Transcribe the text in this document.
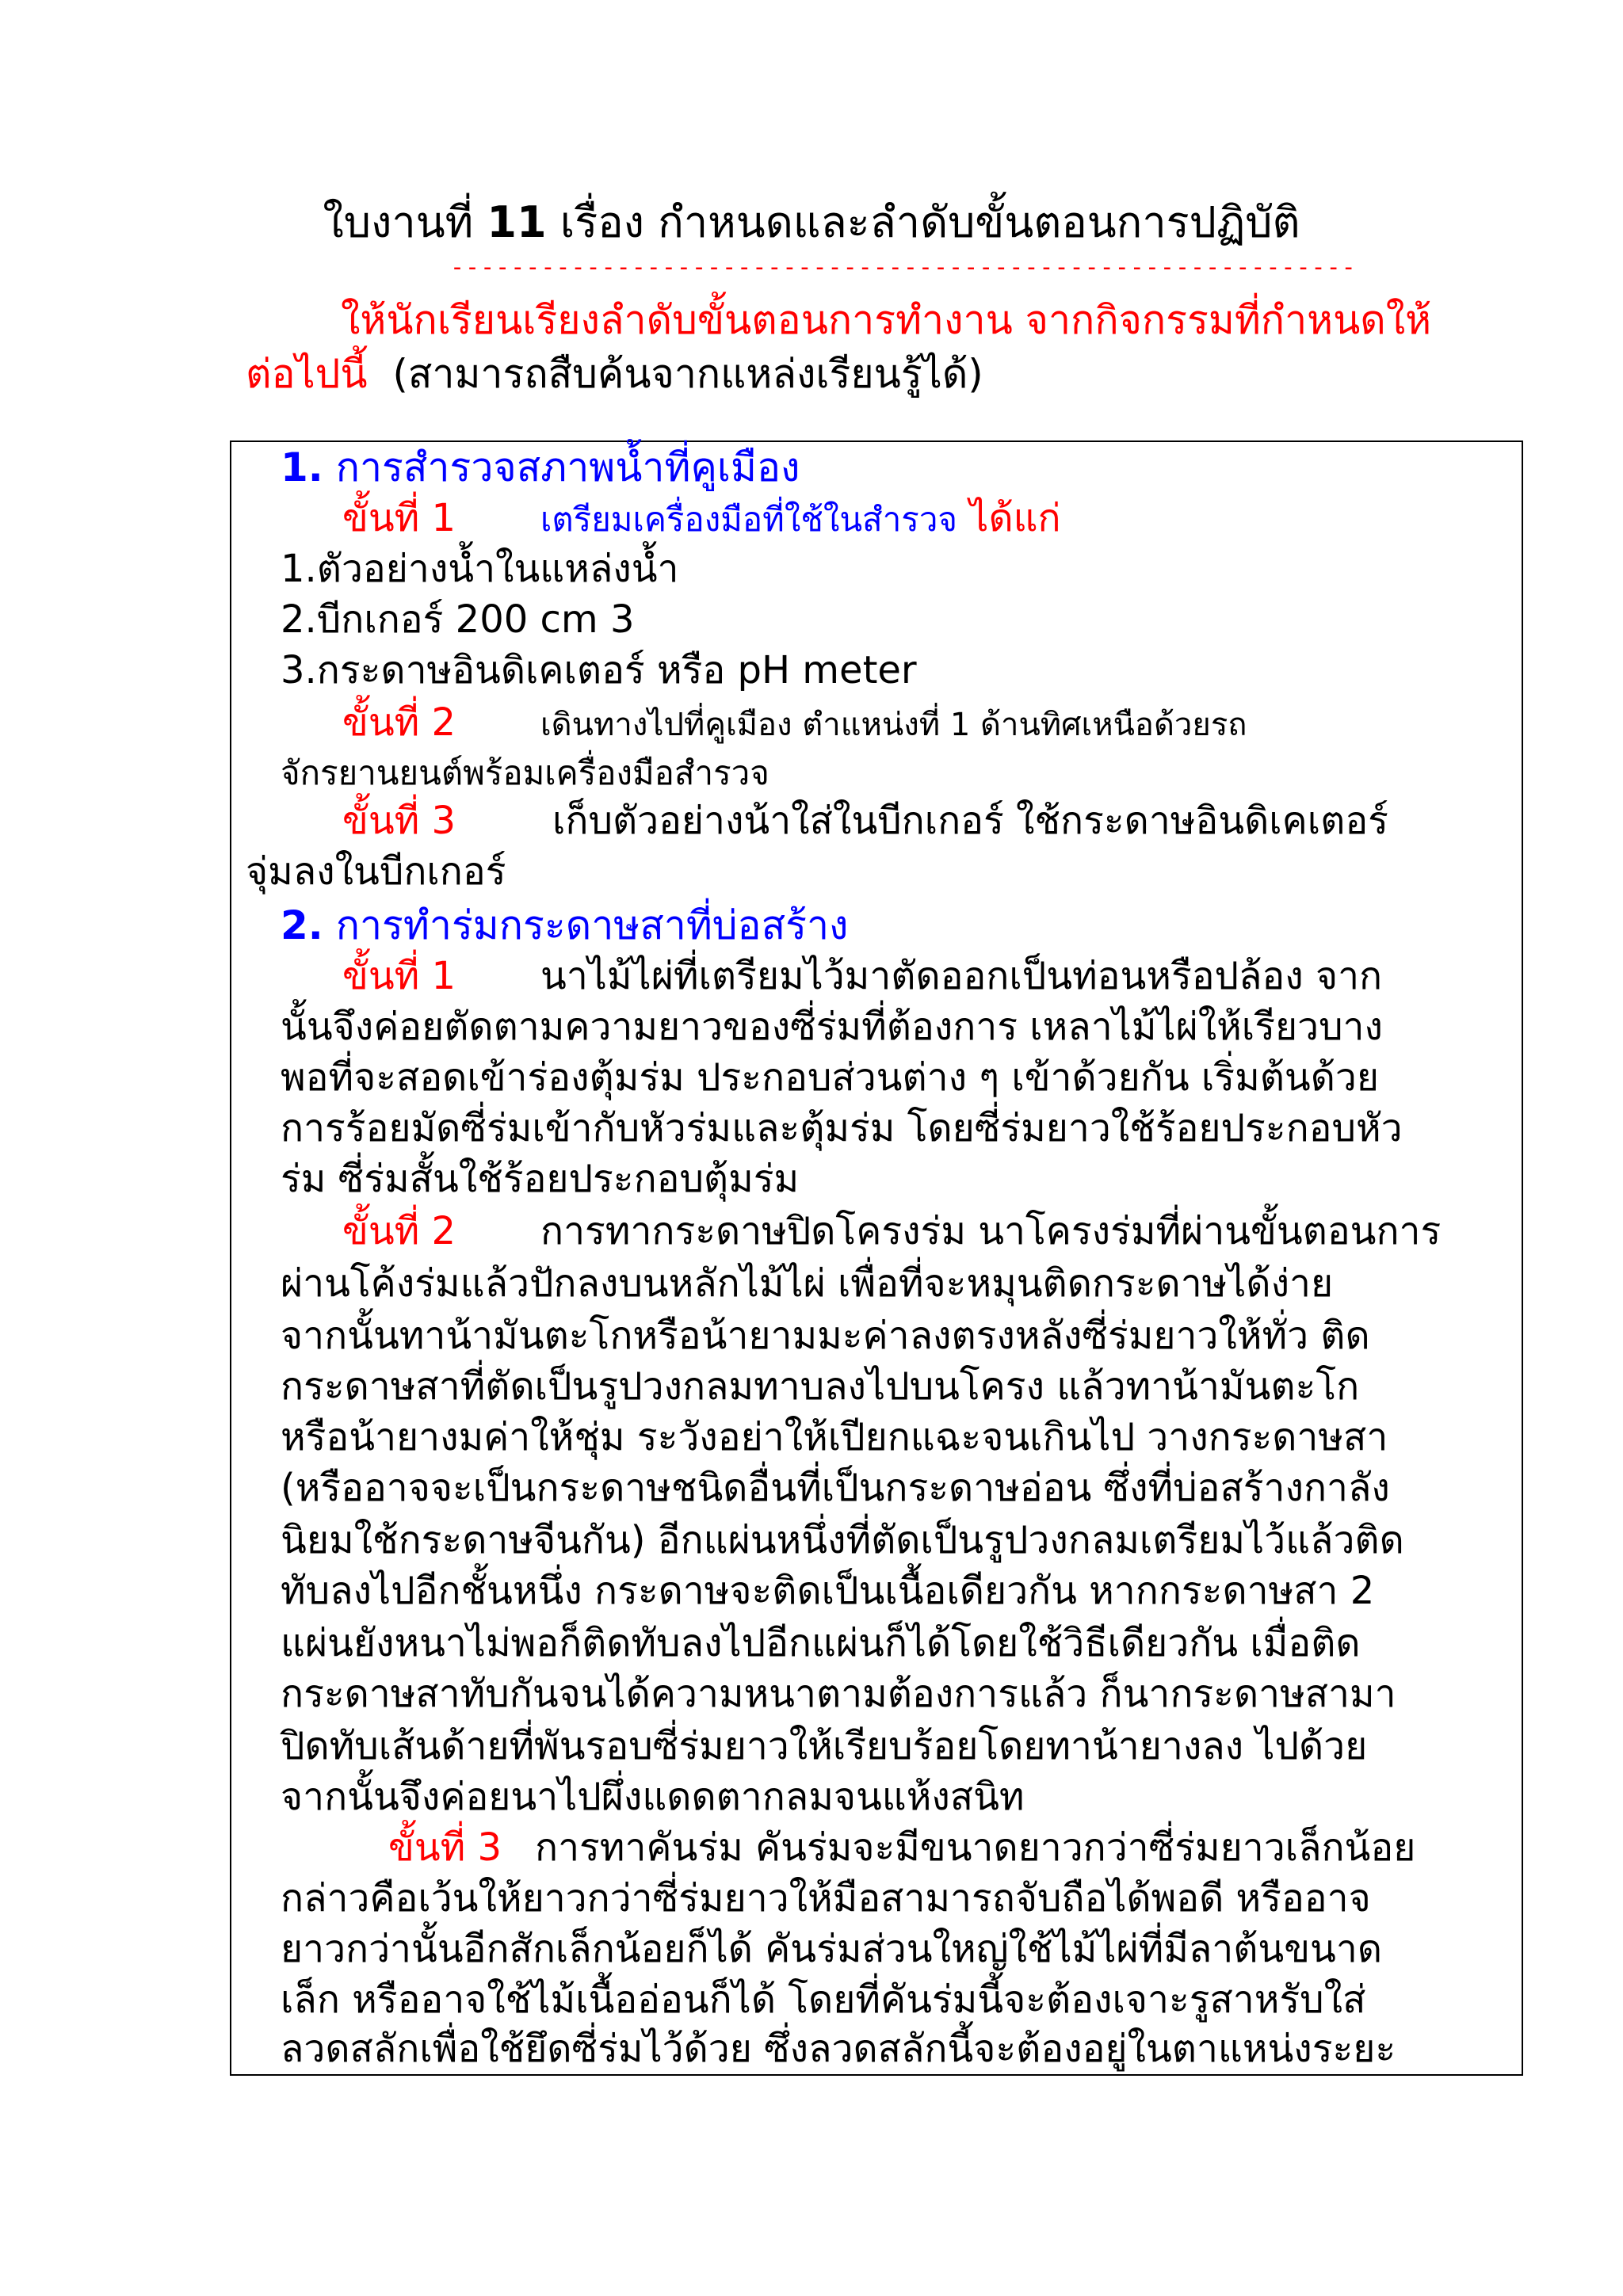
ใบงานที่ 11 เรื่อง กำหนดและลำดับขั้นตอนการปฏิบัติ
------------------------------------------------------------
ให้นักเรียนเรียงลำดับขั้นตอนการทำงาน จากกิจกรรมที่กำหนดให้
ต่อไปนี้ (สามารถสืบค้นจากแหล่งเรียนรู้ได้)
1. การสำรวจสภาพน้ำที่คูเมือง
ขั้นที่ 1	เตรียมเครื่องมือที่ใช้ในสำรวจ ได้แก่
1.ตัวอย่างน้ำในแหล่งน้ำ
2.บีกเกอร์ 200 cm 3
3.กระดาษอินดิเคเตอร์ หรือ pH meter
ขั้นที่ 2	เดินทางไปที่คูเมือง ตำแหน่งที่ 1 ด้านทิศเหนือด้วยรถ
จักรยานยนต์พร้อมเครื่องมือสำรวจ
ขั้นที่ 3	เก็บตัวอย่างน้าใส่ในบีกเกอร์ ใช้กระดาษอินดิเคเตอร์
จุ่มลงในบีกเกอร์
2. การทำร่มกระดาษสาที่บ่อสร้าง
ขั้นที่ 1 นาไม้ไผ่ที่เตรียมไว้มาตัดออกเป็นท่อนหรือปล้อง จาก
นั้นจึงค่อยตัดตามความยาวของซี่ร่มที่ต้องการ เหลาไม้ไผ่ให้เรียวบาง
พอที่จะสอดเข้าร่องตุ้มร่ม ประกอบส่วนต่าง ๆ เข้าด้วยกัน เริ่มต้นด้วย
การร้อยมัดซี่ร่มเข้ากับหัวร่มและตุ้มร่ม โดยซี่ร่มยาวใช้ร้อยประกอบหัว
ร่ม ซี่ร่มสั้นใช้ร้อยประกอบตุ้มร่ม
ขั้นที่ 2 การทากระดาษปิดโครงร่ม นาโครงร่มที่ผ่านขั้นตอนการ
ผ่านโค้งร่มแล้วปักลงบนหลักไม้ไผ่ เพื่อที่จะหมุนติดกระดาษได้ง่าย
จากนั้นทาน้ามันตะโกหรือน้ายามมะค่าลงตรงหลังซี่ร่มยาวให้ทั่ว ติด
กระดาษสาที่ตัดเป็นรูปวงกลมทาบลงไปบนโครง แล้วทาน้ามันตะโก
หรือน้ายางมค่าให้ชุ่ม ระวังอย่าให้เปียกแฉะจนเกินไป วางกระดาษสา
(หรืออาจจะเป็นกระดาษชนิดอื่นที่เป็นกระดาษอ่อน ซึ่งที่บ่อสร้างกาลัง
นิยมใช้กระดาษจีนกัน) อีกแผ่นหนึ่งที่ตัดเป็นรูปวงกลมเตรียมไว้แล้วติด
ทับลงไปอีกชั้นหนึ่ง กระดาษจะติดเป็นเนื้อเดียวกัน หากกระดาษสา 2
แผ่นยังหนาไม่พอก็ติดทับลงไปอีกแผ่นก็ได้โดยใช้วิธีเดียวกัน เมื่อติด
กระดาษสาทับกันจนได้ความหนาตามต้องการแล้ว ก็นากระดาษสามา
ปิดทับเส้นด้ายที่พันรอบซี่ร่มยาวให้เรียบร้อยโดยทาน้ายางลง ไปด้วย
จากนั้นจึงค่อยนาไปผึ่งแดดตากลมจนแห้งสนิท
ขั้นที่ 3 การทาคันร่ม คันร่มจะมีขนาดยาวกว่าซี่ร่มยาวเล็กน้อย
กล่าวคือเว้นให้ยาวกว่าซี่ร่มยาวให้มือสามารถจับถือได้พอดี หรืออาจ
ยาวกว่านั้นอีกสักเล็กน้อยก็ได้ คันร่มส่วนใหญ่ใช้ไม้ไผ่ที่มีลาต้นขนาด
เล็ก หรืออาจใช้ไม้เนื้ออ่อนก็ได้ โดยที่คันร่มนี้จะต้องเจาะรูสาหรับใส่
ลวดสลักเพื่อใช้ยึดซี่ร่มไว้ด้วย ซึ่งลวดสลักนี้จะต้องอยู่ในตาแหน่งระยะ
